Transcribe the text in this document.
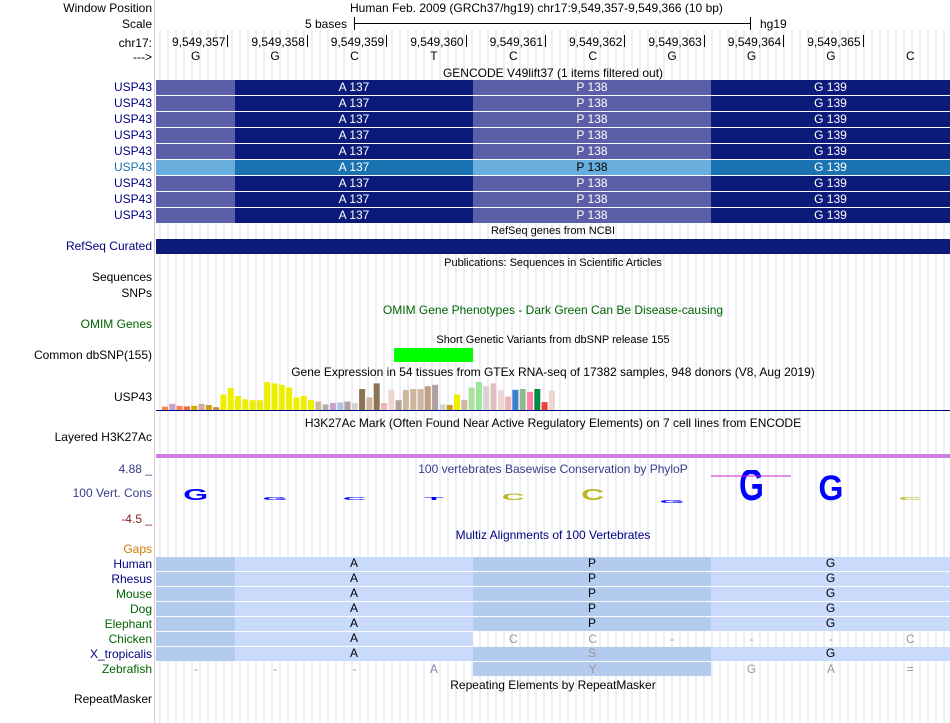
Window Position	Human Feb. 2009 (GRCh37/hg19) chr17:9,549,357-9,549,366 (10 bp)
Scale	5 bases	hg19
chr17:	9,549,357	9,549,358	9,549,359	9,549,360	9,549,361	9,549,362	9,549,363	9,549,364	9,549,365
--->	G	G	C	T	C	C	G	G	G	C
GENCODE V49lift37 (1 items filtered out)
USP43	A 137	P 138	G 139
USP43	A 137	P 138	G 139
USP43	A 137	P 138	G 139
USP43	A 137	P 138	G 139
USP43	A 137	P 138	G 139
USP43	A 137	P 138	G 139
USP43	A 137	P 138	G 139
USP43	A 137	P 138	G 139
USP43	A 137	P 138	G 139
RefSeq genes from NCBI
RefSeq Curated
Publications: Sequences in Scientific Articles
Sequences
SNPs
OMIM Gene Phenotypes - Dark Green Can Be Disease-causing
OMIM Genes
Short Genetic Variants from dbSNP release 155
Common dbSNP(155)
Gene Expression in 54 tissues from GTEx RNA-seq of 17382 samples, 948 donors (V8, Aug 2019)
USP43
H3K27Ac Mark (Often Found Near Active Regulatory Elements) on 7 cell lines from ENCODE
Layered H3K27Ac
4.88 _	100 vertebrates Basewise Conservation by PhyloP
100 Vert. Cons
-4.5 _
G G C T C C G G G C
Multiz Alignments of 100 Vertebrates
Gaps
Human	A	P	G
Rhesus	A	P	G
Mouse	A	P	G
Dog	A	P	G
Elephant	A	P	G
Chicken	A	C	C	-	-	-	C
X_tropicalis	A	S	G
Zebrafish	-	-	-	A	Y	G	A	=
Repeating Elements by RepeatMasker
RepeatMasker
